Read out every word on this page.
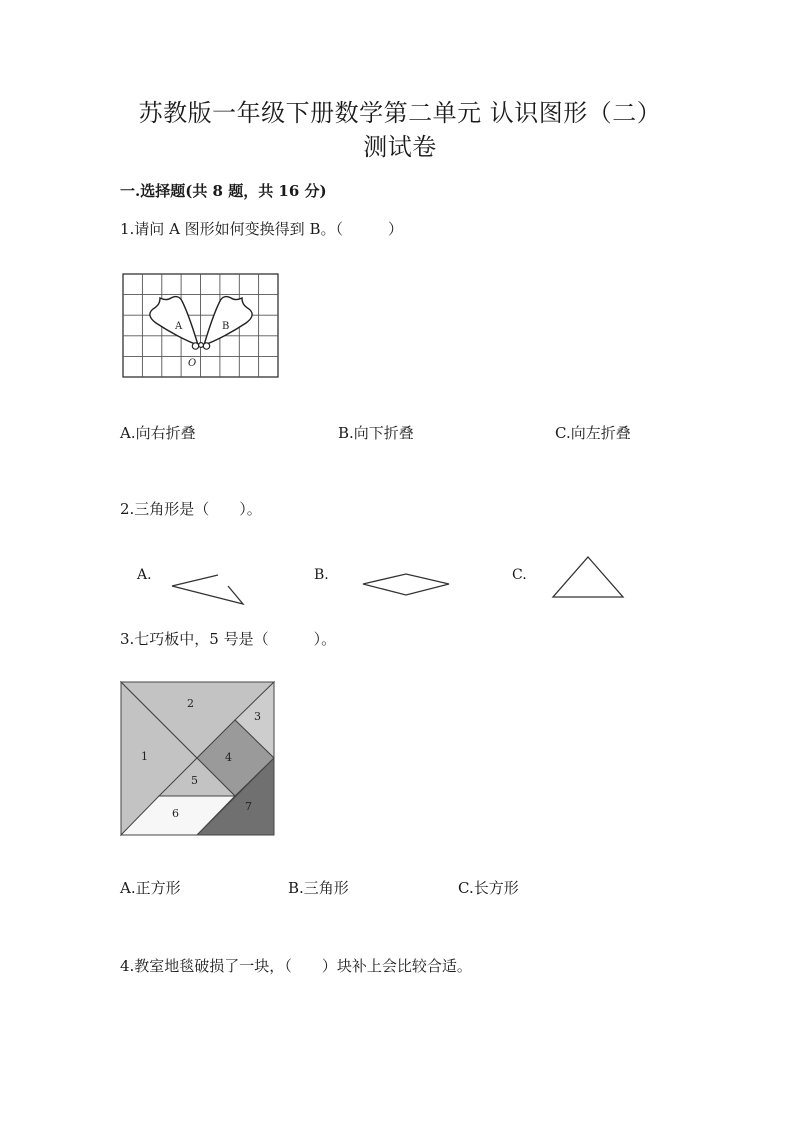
苏教版一年级下册数学第二单元 认识图形（二）
测试卷
一.选择题(共 8 题，共 16 分)
1.请问 A 图形如何变换得到 B。（　　　）
A	B
O
A.向右折叠	B.向下折叠	C.向左折叠
2.三角形是（　　）。
A.	B.	C.
3.七巧板中，5 号是（　　　）。
2
1
3
4
5
6
7
A.正方形	B.三角形	C.长方形
4.教室地毯破损了一块，（　　）块补上会比较合适。
